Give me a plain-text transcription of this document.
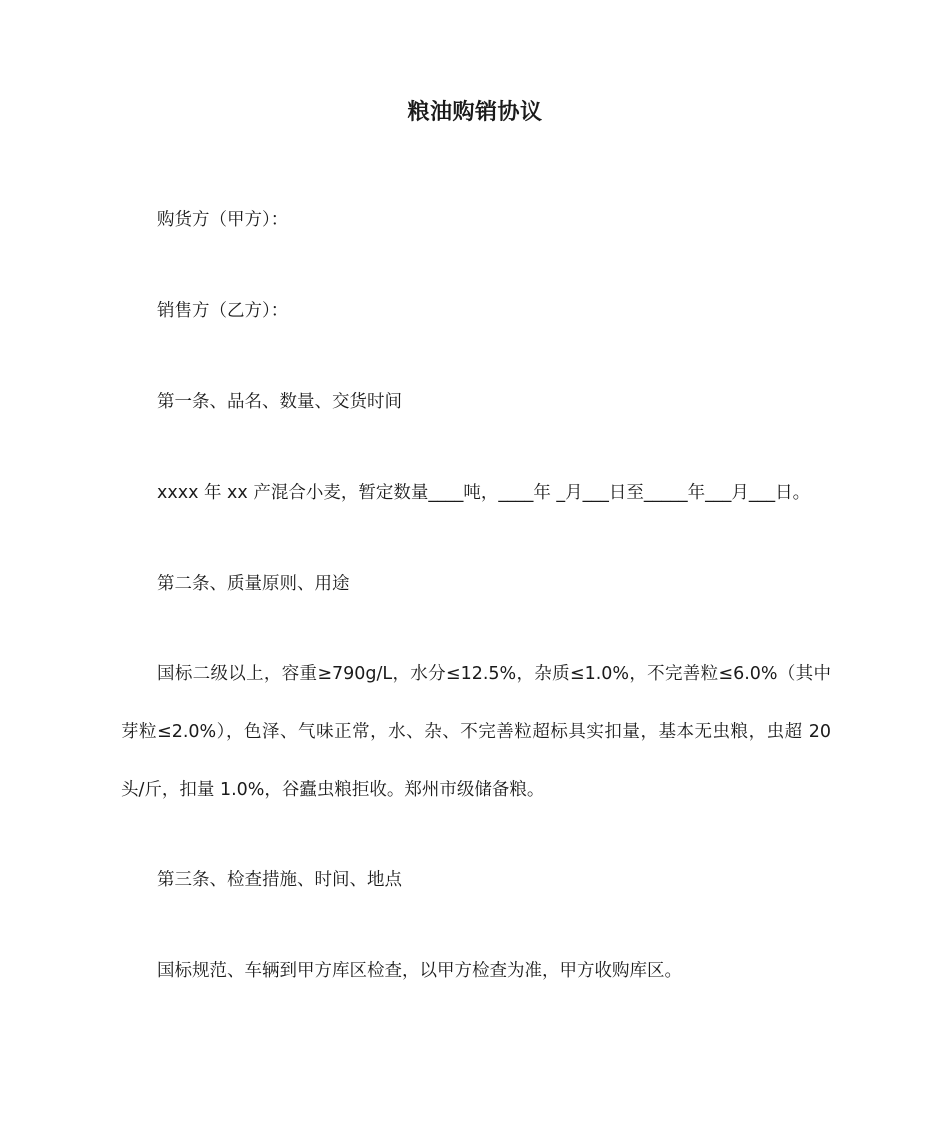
粮油购销协议
购货方（甲方）：
销售方（乙方）：
第一条、品名、数量、交货时间
xxxx 年 xx 产混合小麦，暂定数量____吨，____年 _月___日至_____年___月___日。
第二条、质量原则、用途
国标二级以上，容重≥790g/L，水分≤12.5%，杂质≤1.0%，不完善粒≤6.0%（其中芽粒≤2.0%），色泽、气味正常，水、杂、不完善粒超标具实扣量，基本无虫粮，虫超 20 头/斤，扣量 1.0%，谷蠹虫粮拒收。郑州市级储备粮。
第三条、检查措施、时间、地点
国标规范、车辆到甲方库区检查，以甲方检查为准，甲方收购库区。
